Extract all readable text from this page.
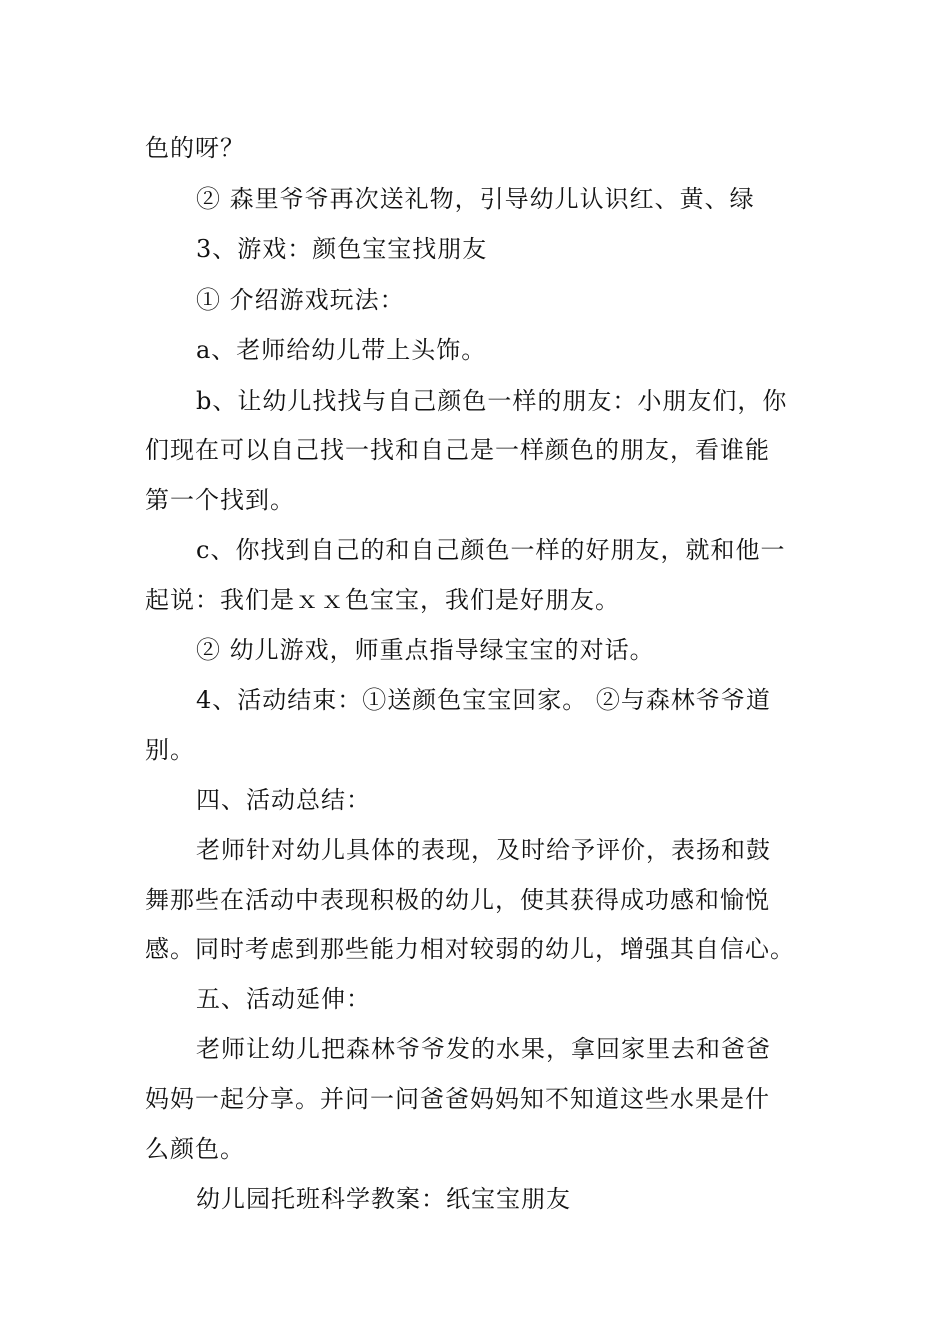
色的呀？
② 森里爷爷再次送礼物，引导幼儿认识红、黄、绿
3、游戏：颜色宝宝找朋友
① 介绍游戏玩法：
a、老师给幼儿带上头饰。
b、让幼儿找找与自己颜色一样的朋友：小朋友们，你
们现在可以自己找一找和自己是一样颜色的朋友，看谁能
第一个找到。
c、你找到自己的和自己颜色一样的好朋友，就和他一
起说：我们是ｘｘ色宝宝，我们是好朋友。
② 幼儿游戏，师重点指导绿宝宝的对话。
4、活动结束：①送颜色宝宝回家。 ②与森林爷爷道
别。
四、活动总结：
老师针对幼儿具体的表现，及时给予评价，表扬和鼓
舞那些在活动中表现积极的幼儿，使其获得成功感和愉悦
感。同时考虑到那些能力相对较弱的幼儿，增强其自信心。
五、活动延伸：
老师让幼儿把森林爷爷发的水果，拿回家里去和爸爸
妈妈一起分享。并问一问爸爸妈妈知不知道这些水果是什
么颜色。
幼儿园托班科学教案：纸宝宝朋友
